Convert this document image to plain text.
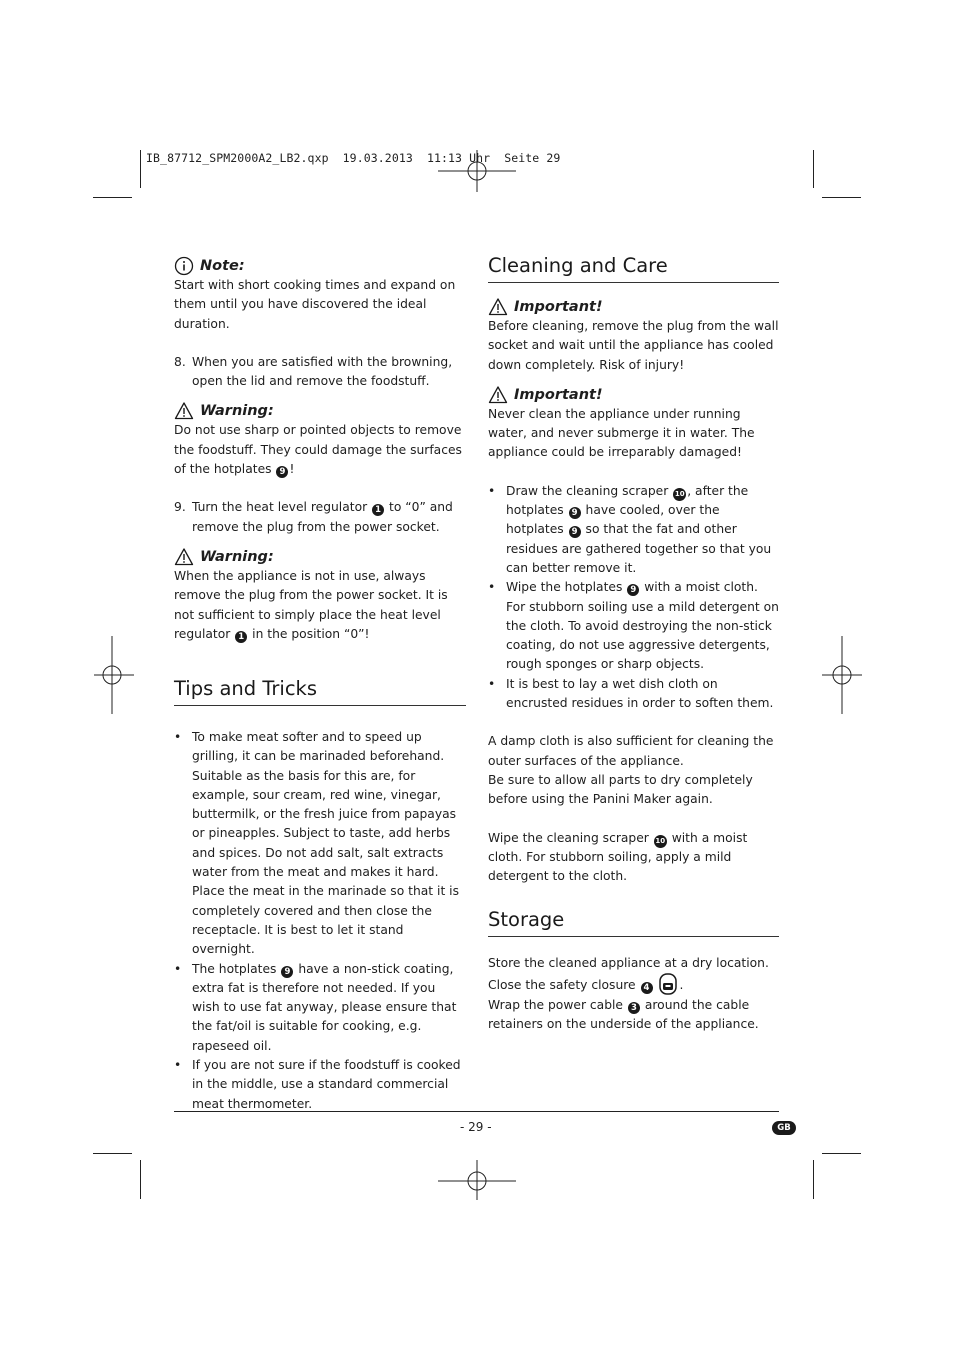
IB_87712_SPM2000A2_LB2.qxp  19.03.2013  11:13 Uhr  Seite 29
Note:

Start with short cooking times and expand on them until you have discovered the ideal duration.

8. When you are satisfied with the browning, open the lid and remove the foodstuff.
Warning:

Do not use sharp or pointed objects to remove the foodstuff. They could damage the surfaces of the hotplates 9 !

9. Turn the heat level regulator 1 to “0” and remove the plug from the power socket.
Warning:

When the appliance is not in use, always remove the plug from the power socket. It is not sufficient to simply place the heat level regulator 1 in the position “0”!

Tips and Tricks
• To make meat softer and to speed up grilling, it can be marinaded beforehand. Suitable as the basis for this are, for example, sour cream, red wine, vinegar, buttermilk, or the fresh juice from papayas or pineapples. Subject to taste, add herbs and spices. Do not add salt, salt extracts water from the meat and makes it hard. Place the meat in the marinade so that it is completely covered and then close the receptacle. It is best to let it stand overnight.
• The hotplates 9 have a non-stick coating, extra fat is therefore not needed. If you wish to use fat anyway, please ensure that the fat/oil is suitable for cooking, e.g. rapeseed oil.
• If you are not sure if the foodstuff is cooked in the middle, use a standard commercial meat thermometer.
Cleaning and Care
Important!

Before cleaning, remove the plug from the wall socket and wait until the appliance has cooled down completely. Risk of injury!

Important!

Never clean the appliance under running water, and never submerge it in water. The appliance could be irreparably damaged!

• Draw the cleaning scraper 10 , after the hotplates 9 have cooled, over the hotplates 9 so that the fat and other residues are gathered together so that you can better remove it.
• Wipe the hotplates 9 with a moist cloth. For stubborn soiling use a mild detergent on the cloth. To avoid destroying the non-stick coating, do not use aggressive detergents, rough sponges or sharp objects.
• It is best to lay a wet dish cloth on encrusted residues in order to soften them.

A damp cloth is also sufficient for cleaning the outer surfaces of the appliance.

Be sure to allow all parts to dry completely before using the Panini Maker again.

Wipe the cleaning scraper 10 with a moist cloth. For stubborn soiling, apply a mild detergent to the cloth.

Storage

Store the cleaned appliance at a dry location.

Close the safety closure 4 .

Wrap the power cable 3 around the cable retainers on the underside of the appliance.

- 29 -	GB
